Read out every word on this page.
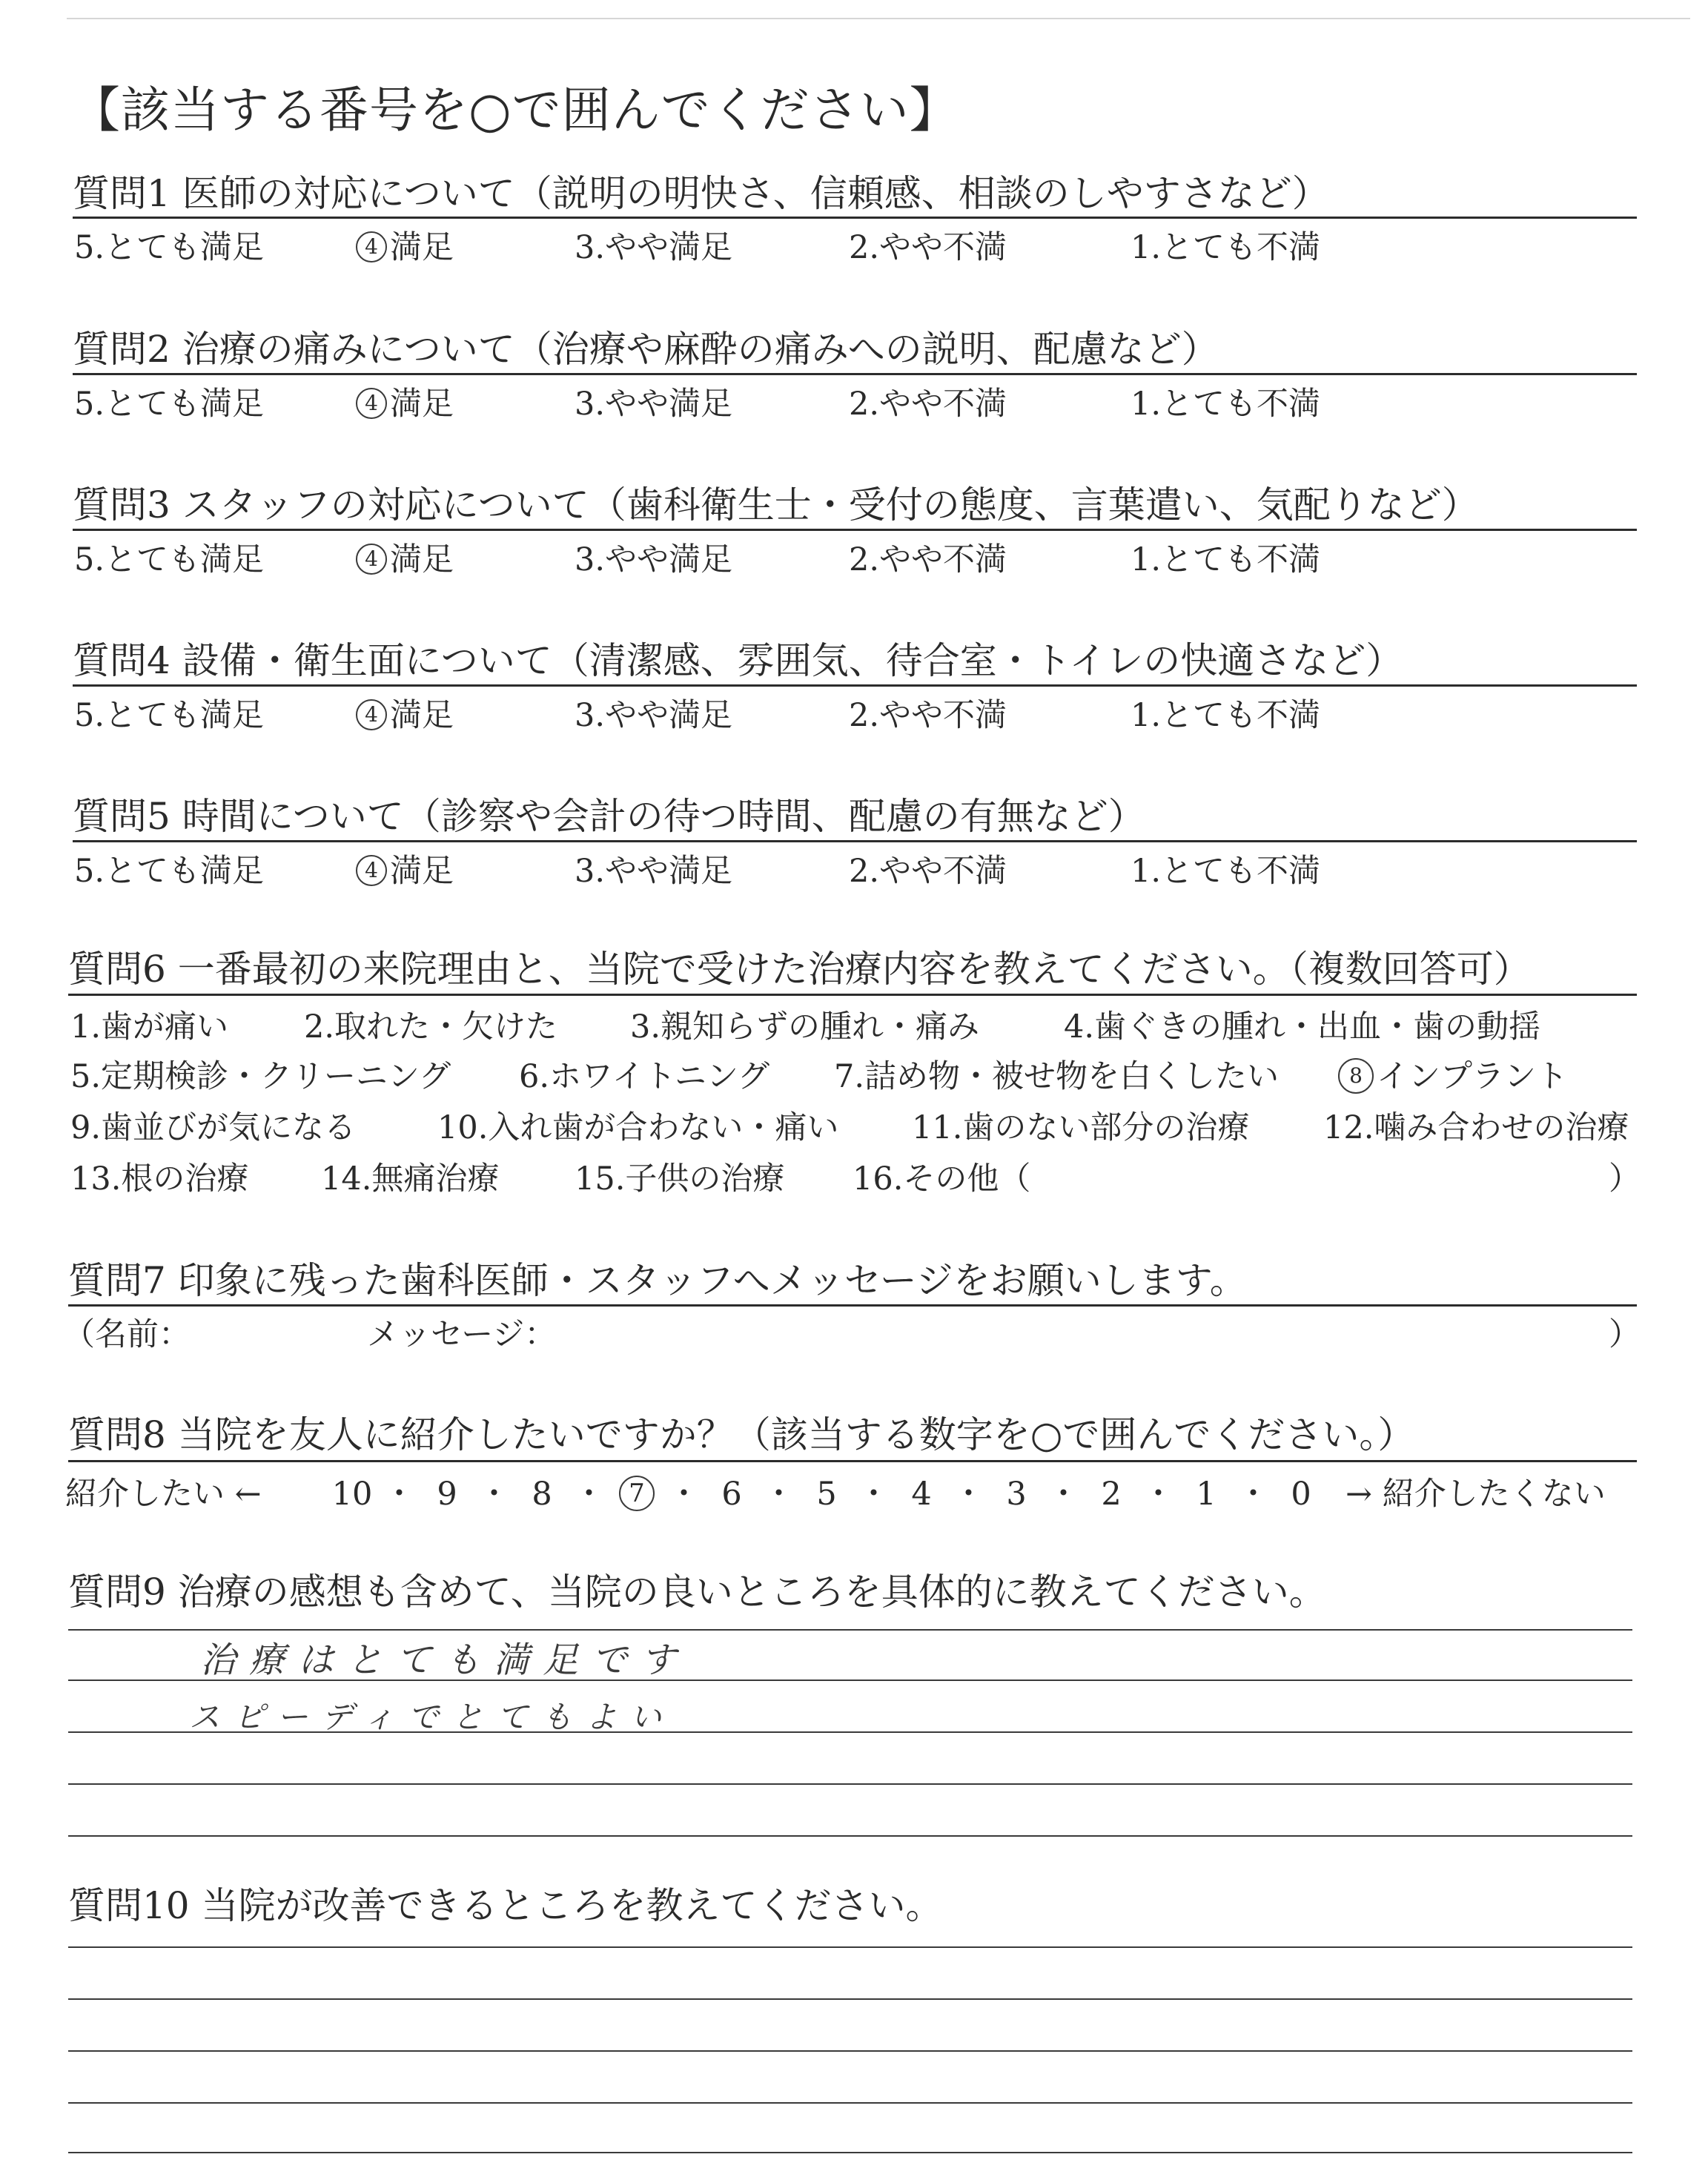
【該当する番号を○で囲んでください】
質問1 医師の対応について（説明の明快さ、信頼感、相談のしやすさなど）
5.とても満足	4 満足	3.やや満足	2.やや不満	1.とても不満
質問2 治療の痛みについて（治療や麻酔の痛みへの説明、配慮など）
5.とても満足	4 満足	3.やや満足	2.やや不満	1.とても不満
質問3 スタッフの対応について（歯科衛生士・受付の態度、言葉遣い、気配りなど）
5.とても満足	4 満足	3.やや満足	2.やや不満	1.とても不満
質問4 設備・衛生面について（清潔感、雰囲気、待合室・トイレの快適さなど）
5.とても満足	4 満足	3.やや満足	2.やや不満	1.とても不満
質問5 時間について（診察や会計の待つ時間、配慮の有無など）
5.とても満足	4 満足	3.やや満足	2.やや不満	1.とても不満
質問6 一番最初の来院理由と、当院で受けた治療内容を教えてください。（複数回答可）
1.歯が痛い 2.取れた・欠けた 3.親知らずの腫れ・痛み	4.歯ぐきの腫れ・出血・歯の動揺
5.定期検診・クリーニング 6.ホワイトニング 7.詰め物・被せ物を白くしたい	8 インプラント
9.歯並びが気になる	10.入れ歯が合わない・痛い 11.歯のない部分の治療 12.噛み合わせの治療
13.根の治療 14.無痛治療 15.子供の治療 16.その他（	）
質問7 印象に残った歯科医師・スタッフへメッセージをお願いします。
（名前：	メッセージ：	）
質問8 当院を友人に紹介したいですか？（該当する数字を○で囲んでください。）
紹介したい ← 10 ・ 9 ・ 8 ・ 7 ・ 6 ・ 5 ・ 4 ・ 3 ・ 2 ・ 1 ・ 0	→ 紹介したくない
質問9 治療の感想も含めて、当院の良いところを具体的に教えてください。
治療はとても満足です
スピーディでとてもよい
質問10 当院が改善できるところを教えてください。
